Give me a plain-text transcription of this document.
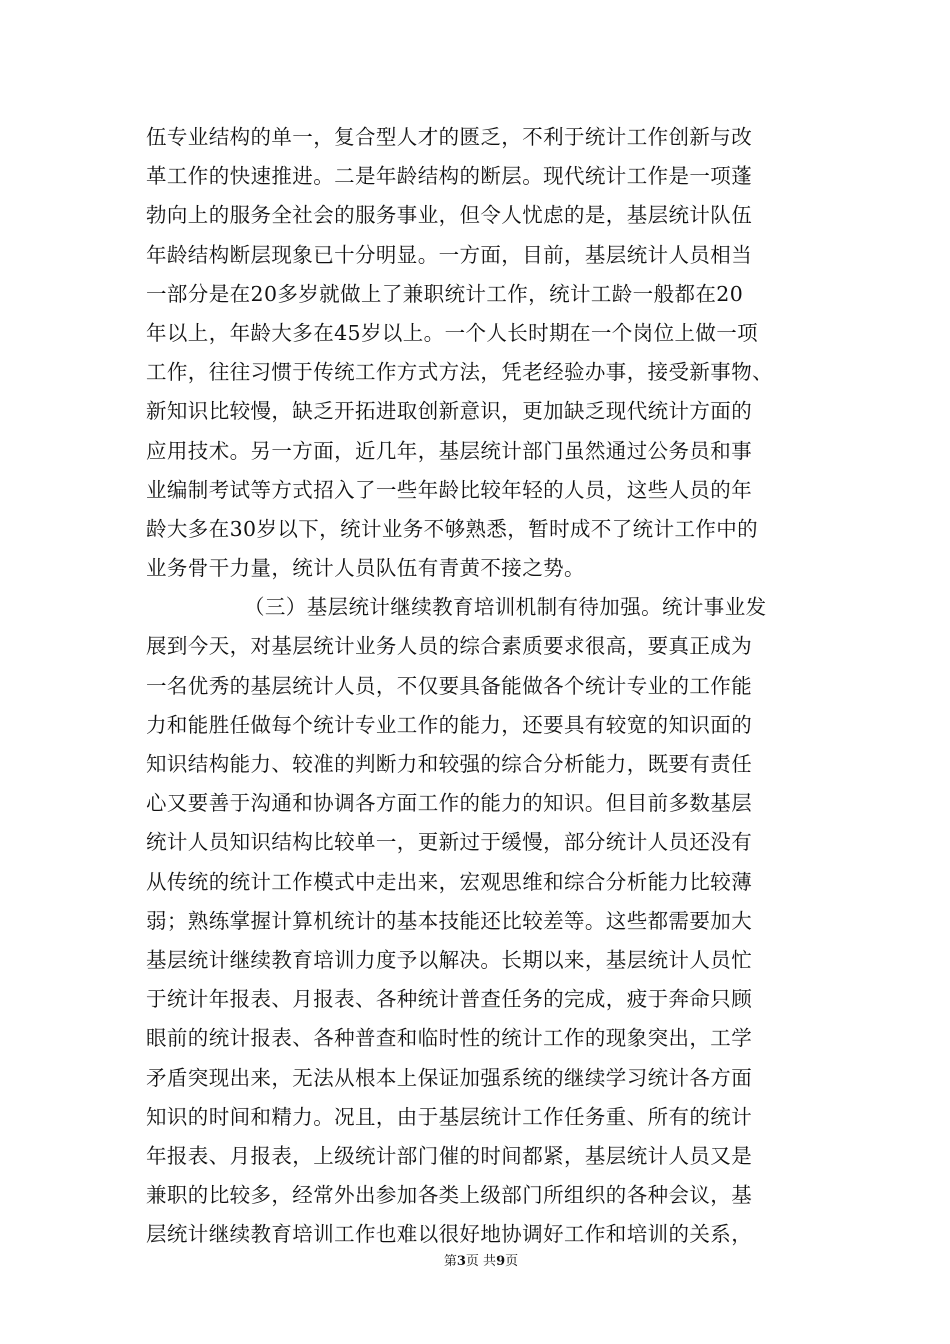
伍专业结构的单一，复合型人才的匮乏，不利于统计工作创新与改
革工作的快速推进。二是年龄结构的断层。现代统计工作是一项蓬
勃向上的服务全社会的服务事业，但令人忧虑的是，基层统计队伍
年龄结构断层现象已十分明显。一方面，目前，基层统计人员相当
一部分是在20多岁就做上了兼职统计工作，统计工龄一般都在20
年以上，年龄大多在45岁以上。一个人长时期在一个岗位上做一项
工作，往往习惯于传统工作方式方法，凭老经验办事，接受新事物、
新知识比较慢，缺乏开拓进取创新意识，更加缺乏现代统计方面的
应用技术。另一方面，近几年，基层统计部门虽然通过公务员和事
业编制考试等方式招入了一些年龄比较年轻的人员，这些人员的年
龄大多在30岁以下，统计业务不够熟悉，暂时成不了统计工作中的
业务骨干力量，统计人员队伍有青黄不接之势。
（三）基层统计继续教育培训机制有待加强。统计事业发
展到今天，对基层统计业务人员的综合素质要求很高，要真正成为
一名优秀的基层统计人员，不仅要具备能做各个统计专业的工作能
力和能胜任做每个统计专业工作的能力，还要具有较宽的知识面的
知识结构能力、较准的判断力和较强的综合分析能力，既要有责任
心又要善于沟通和协调各方面工作的能力的知识。但目前多数基层
统计人员知识结构比较单一，更新过于缓慢，部分统计人员还没有
从传统的统计工作模式中走出来，宏观思维和综合分析能力比较薄
弱；熟练掌握计算机统计的基本技能还比较差等。这些都需要加大
基层统计继续教育培训力度予以解决。长期以来，基层统计人员忙
于统计年报表、月报表、各种统计普查任务的完成，疲于奔命只顾
眼前的统计报表、各种普查和临时性的统计工作的现象突出，工学
矛盾突现出来，无法从根本上保证加强系统的继续学习统计各方面
知识的时间和精力。况且，由于基层统计工作任务重、所有的统计
年报表、月报表，上级统计部门催的时间都紧，基层统计人员又是
兼职的比较多，经常外出参加各类上级部门所组织的各种会议，基
层统计继续教育培训工作也难以很好地协调好工作和培训的关系，
第3页 共9页
